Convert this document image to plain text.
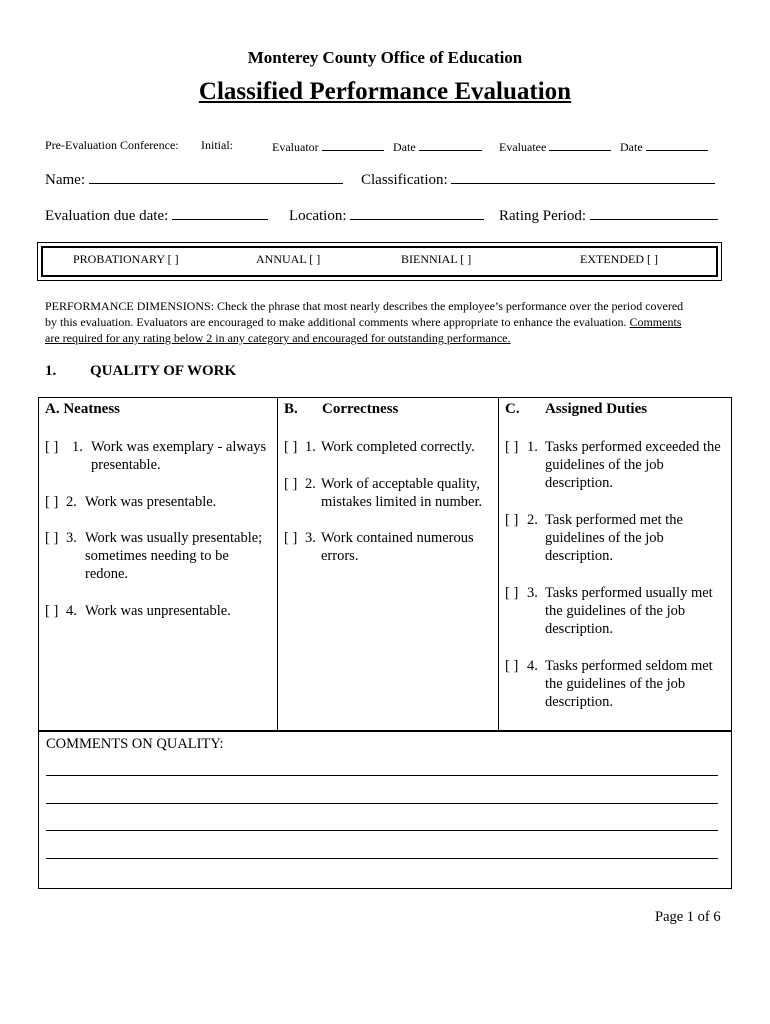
Monterey County Office of Education
Classified Performance Evaluation
Pre-Evaluation Conference: Initial:	Evaluator	Date	Evaluatee	Date
Name:	Classification:
Evaluation due date:	Location:	Rating Period:
PROBATIONARY [ ]	ANNUAL [ ]	BIENNIAL [ ]	EXTENDED [ ]
PERFORMANCE DIMENSIONS: Check the phrase that most nearly describes the employee’s performance over the period covered
by this evaluation. Evaluators are encouraged to make additional comments where appropriate to enhance the evaluation. Comments
are required for any rating below 2 in any category and encouraged for outstanding performance.
1. QUALITY OF WORK
A. Neatness
[ ] 1. Work was exemplary - always presentable.
[ ] 2. Work was presentable.
[ ] 3. Work was usually presentable; sometimes needing to be redone.
[ ] 4. Work was unpresentable.
B. Correctness
[ ] 1. Work completed correctly.
[ ] 2. Work of acceptable quality, mistakes limited in number.
[ ] 3. Work contained numerous errors.
C. Assigned Duties
[ ] 1. Tasks performed exceeded the guidelines of the job description.
[ ] 2. Task performed met the guidelines of the job description.
[ ] 3. Tasks performed usually met the guidelines of the job description.
[ ] 4. Tasks performed seldom met the guidelines of the job description.
COMMENTS ON QUALITY:
Page 1 of 6
